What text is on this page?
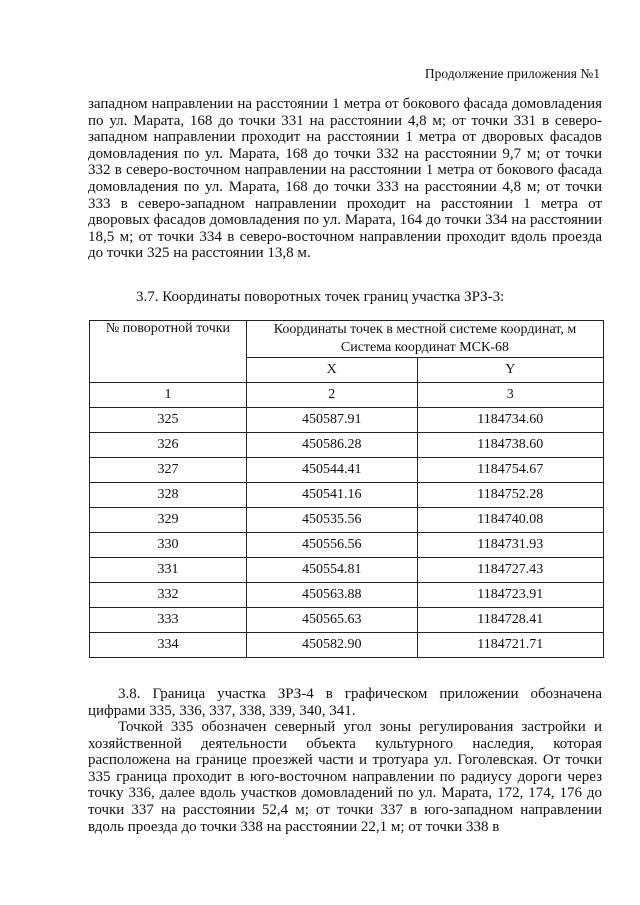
Продолжение приложения №1

западном направлении на расстоянии 1 метра от бокового фасада домовладения по ул. Марата, 168 до точки 331 на расстоянии 4,8 м; от точки 331 в северо-западном направлении проходит на расстоянии 1 метра от дворовых фасадов домовладения по ул. Марата, 168 до точки 332 на расстоянии 9,7 м; от точки 332 в северо-восточном направлении на расстоянии 1 метра от бокового фасада домовладения по ул. Марата, 168 до точки 333 на расстоянии 4,8 м; от точки 333 в северо-западном направлении проходит на расстоянии 1 метра от дворовых фасадов домовладения по ул. Марата, 164 до точки 334 на расстоянии 18,5 м; от точки 334 в северо-восточном направлении проходит вдоль проезда до точки 325 на расстоянии 13,8 м.

3.7. Координаты поворотных точек границ участка ЗРЗ-3:

№ поворотной точки	Координаты точек в местной системе координат, м Система координат МСК-68	
	X	Y
1	2	3
325	450587.91	1184734.60
326	450586.28	1184738.60
327	450544.41	1184754.67
328	450541.16	1184752.28
329	450535.56	1184740.08
330	450556.56	1184731.93
331	450554.81	1184727.43
332	450563.88	1184723.91
333	450565.63	1184728.41
334	450582.90	1184721.71

3.8. Граница участка ЗРЗ-4 в графическом приложении обозначена цифрами 335, 336, 337, 338, 339, 340, 341.

Точкой 335 обозначен северный угол зоны регулирования застройки и хозяйственной деятельности объекта культурного наследия, которая расположена на границе проезжей части и тротуара ул. Гоголевская. От точки 335 граница проходит в юго-восточном направлении по радиусу дороги через точку 336, далее вдоль участков домовладений по ул. Марата, 172, 174, 176 до точки 337 на расстоянии 52,4 м; от точки 337 в юго-западном направлении вдоль проезда до точки 338 на расстоянии 22,1 м; от точки 338 в
